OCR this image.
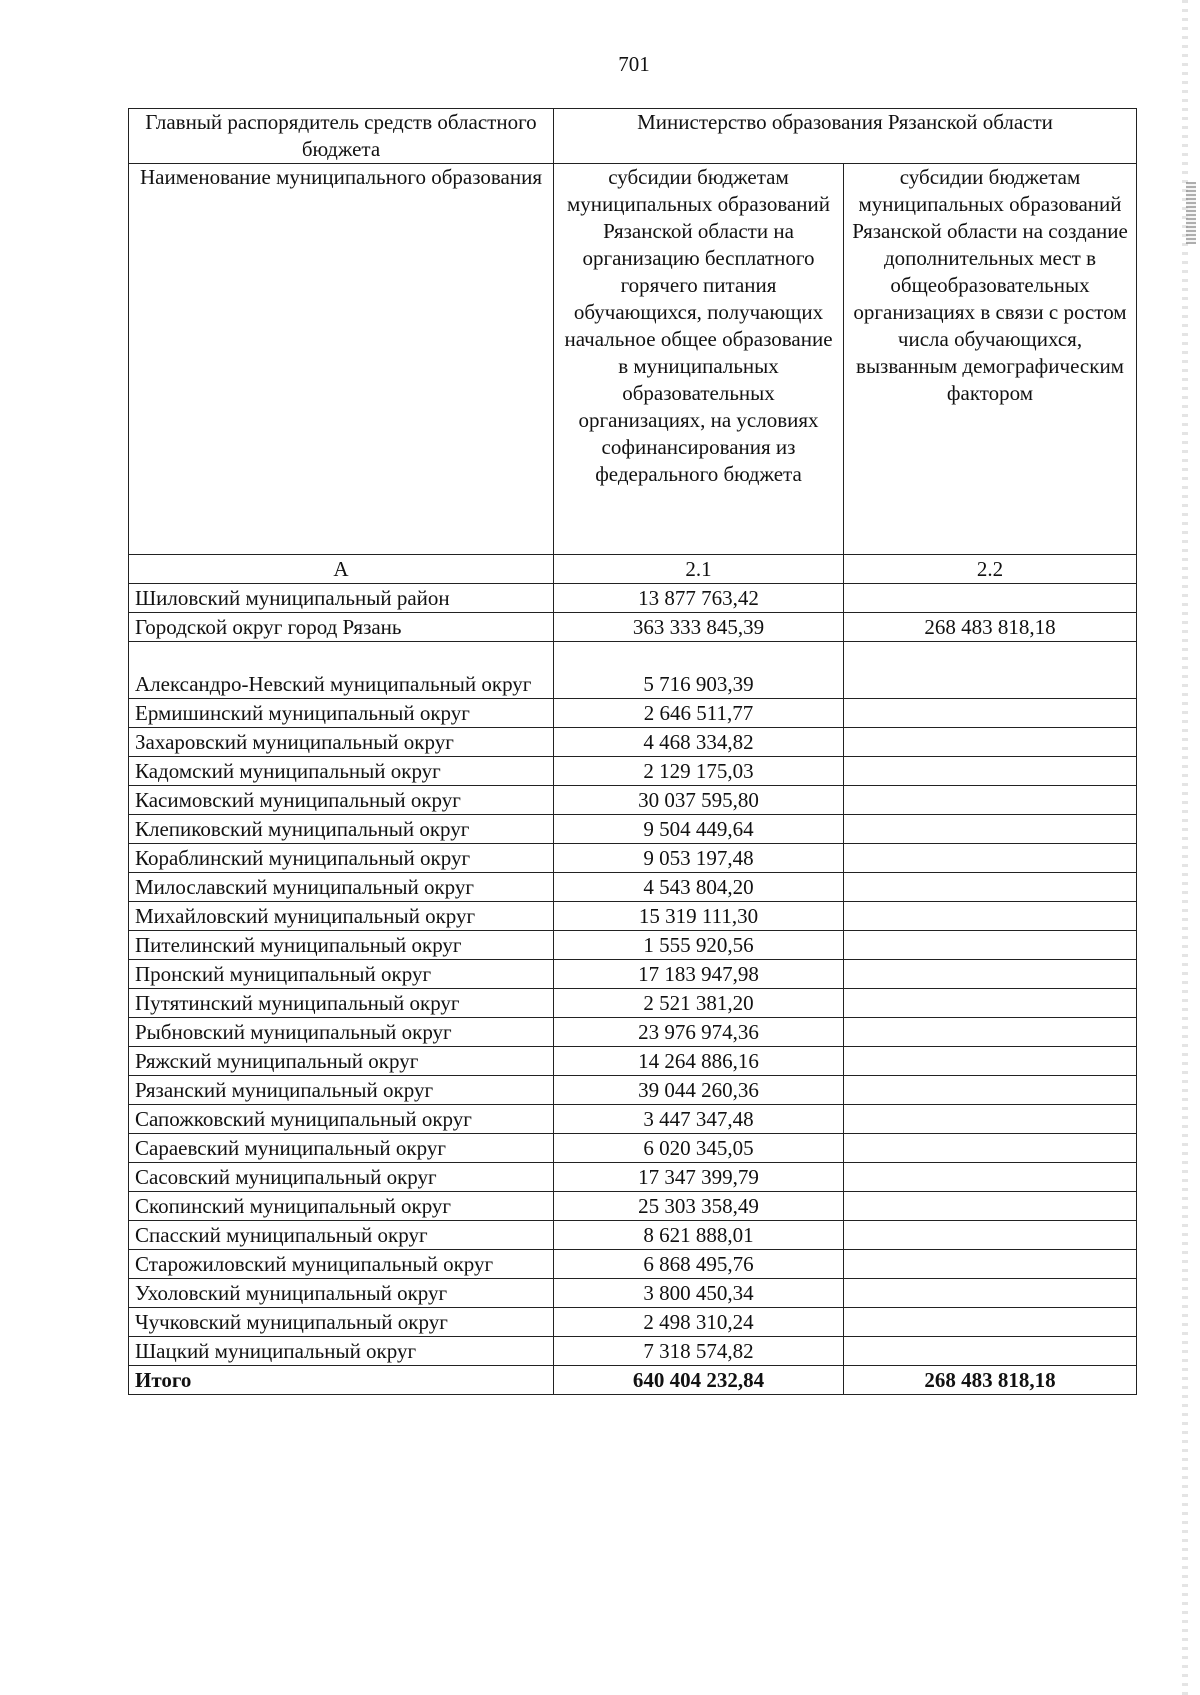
701
Главный распорядитель средств областного бюджета	Министерство образования Рязанской области	
Наименование муниципального образования	субсидии бюджетам муниципальных образований Рязанской области на организацию бесплатного горячего питания обучающихся, получающих начальное общее образование в муниципальных образовательных организациях, на условиях софинансирования из федерального бюджета	субсидии бюджетам муниципальных образований Рязанской области на создание дополнительных мест в общеобразовательных организациях в связи с ростом числа обучающихся, вызванным демографическим фактором
А	2.1	2.2
Шиловский муниципальный район	13 877 763,42	
Городской округ город Рязань	363 333 845,39	268 483 818,18
Александро-Невский муниципальный округ	5 716 903,39	
Ермишинский муниципальный округ	2 646 511,77	
Захаровский муниципальный округ	4 468 334,82	
Кадомский муниципальный округ	2 129 175,03	
Касимовский муниципальный округ	30 037 595,80	
Клепиковский муниципальный округ	9 504 449,64	
Кораблинский муниципальный округ	9 053 197,48	
Милославский муниципальный округ	4 543 804,20	
Михайловский муниципальный округ	15 319 111,30	
Пителинский муниципальный округ	1 555 920,56	
Пронский муниципальный округ	17 183 947,98	
Путятинский муниципальный округ	2 521 381,20	
Рыбновский муниципальный округ	23 976 974,36	
Ряжский муниципальный округ	14 264 886,16	
Рязанский муниципальный округ	39 044 260,36	
Сапожковский муниципальный округ	3 447 347,48	
Сараевский муниципальный округ	6 020 345,05	
Сасовский муниципальный округ	17 347 399,79	
Скопинский муниципальный округ	25 303 358,49	
Спасский муниципальный округ	8 621 888,01	
Старожиловский муниципальный округ	6 868 495,76	
Ухоловский муниципальный округ	3 800 450,34	
Чучковский муниципальный округ	2 498 310,24	
Шацкий муниципальный округ	7 318 574,82	
Итого	640 404 232,84	268 483 818,18
